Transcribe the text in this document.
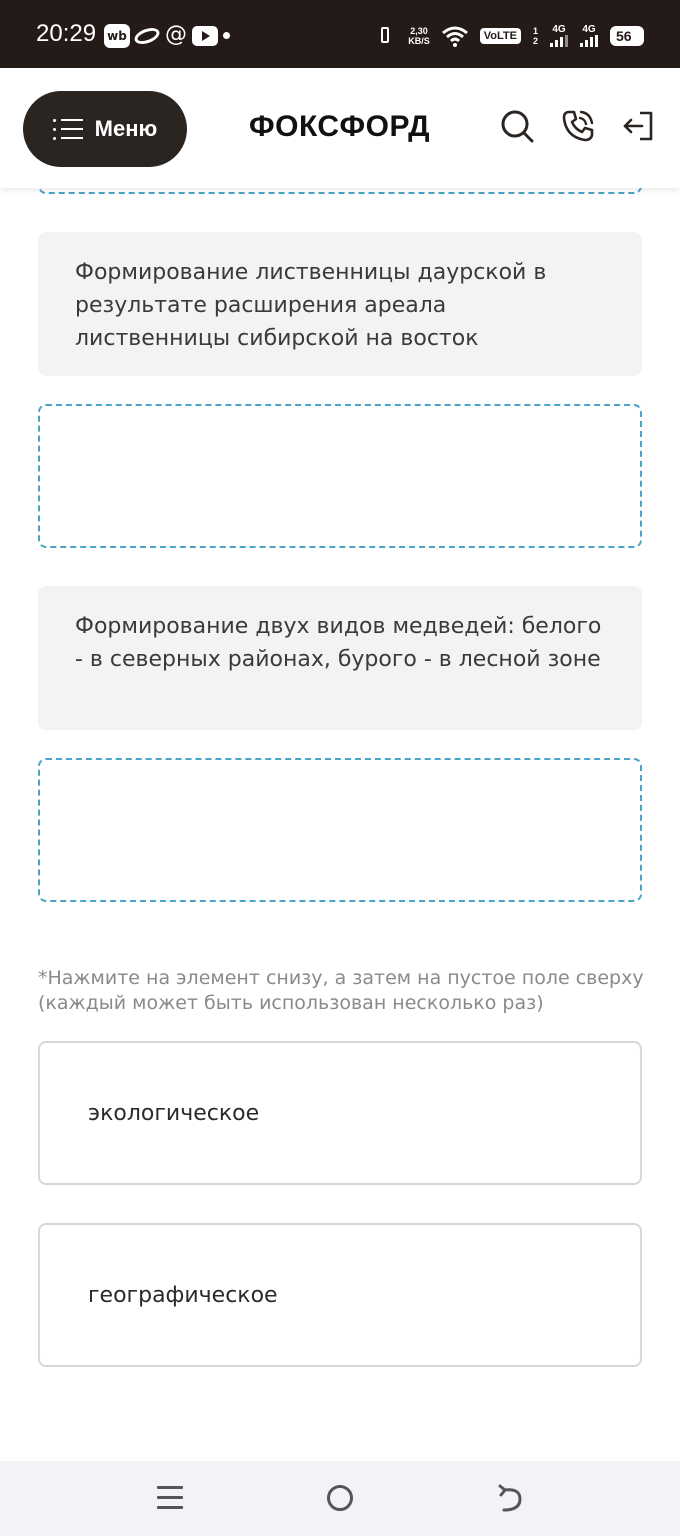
20:29 wb @	2,30
KB/S	VoLTE	1
2
4G 4G	56
Меню	ФОКСФОРД
Формирование лиственницы даурской в результате расширения ареала лиственницы сибирской на восток
Формирование двух видов медведей: белого - в северных районах, бурого - в лесной зоне
*Нажмите на элемент снизу, а затем на пустое поле сверху (каждый может быть использован несколько раз)
экологическое
географическое
